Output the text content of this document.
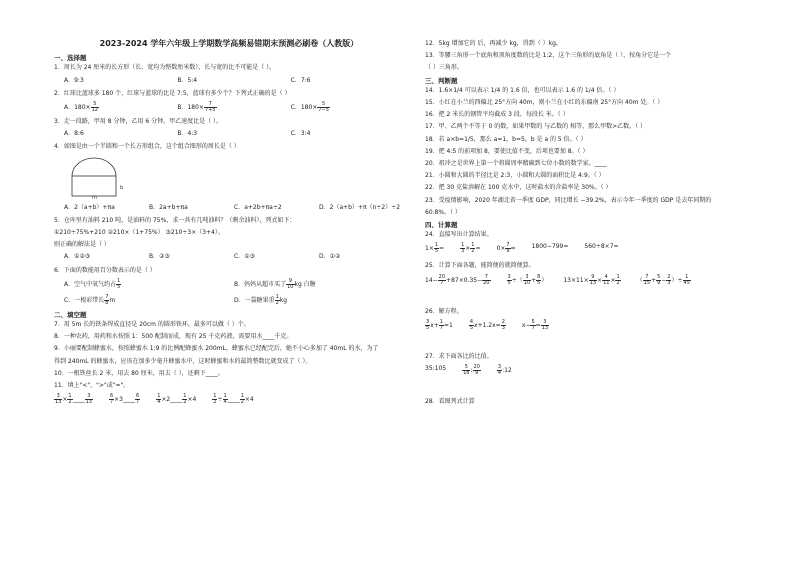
2023-2024 学年六年级上学期数学高频易错期末预测必刷卷（人教版）
一、选择题
1．周长为 24 厘米的长方形（长、宽均为整数厘米数），长与宽的比不可能是（ ）。
A．9:3	B．5:4	C．7:6
2．红球比蓝球多 180 个，红球与蓝球的比是 7:5，蓝球有多少个？下列式正确的是（ ）
A．$180\times \frac{5}{12}$	B．$180\times \frac{7}{7+5}$	C．$180\times \frac{5}{7-5}$
3．走一段路，甲用 8 分钟，乙用 6 分钟。甲乙速度比是（ ）。
A．8:6	B．4:3	C．3:4
4．如图是由一个半圆和一个长方形组合，这个组合图形的周长是（ ）
b
m
A．2（a+b）+πa	B．2a+b+πa	C．a+2b+πa÷2	D．2（a+b）+π（n÷2）÷2
5．仓库里有油料 210 吨，是油料的 75%，求一共有几吨油料？（剩余油料），列式如下：
①210÷75%+210 ②210×（1+75%） ③210÷3×（3+4）。
则正确的解法是（ ）
A．①②③	B．②③	C．①③	D．①②
6．下面的数能用百分数表示的是（ ）
A．空气中氧气约占 $\frac{1}{5}$	B．妈妈从超市买了 $\frac{9}{10}$ kg 白糖
C．一根彩带长 $\frac{7}{8}$ m	D．一袋糖果重 $\frac{1}{2}$ kg
二、填空题
7．用 5m 长的铁条焊成直径是 20cm 的圆形铁环，最多可以做（ ）个。
8．一种农药，用药和水按照 1：500 配制而成，现有 25 千克药液，需要用水____千克。
9．小丽要配制蜂蜜水，按照蜂蜜水 1:9 的比例配蜂蜜水 200mL，蜂蜜水已经配完后，她不小心多加了 40mL 的水，为了
得到 240mL 的蜂蜜水，应该在加多少毫升蜂蜜水中，这时蜂蜜和水的最简整数比就变成了（ ）。
10．一根铁丝长 2 米，用去 80 厘米，用去（ ），还剩下____。
11．填上"<"、">"或"="。
$\frac{3}{13} \times \frac{1}{2}$ ____ $\frac{3}{13}$	$\frac{6}{7}$ ×3____ $\frac{6}{7}$	$\frac{1}{4}$ ×2____ $\frac{1}{2} \times 4$	$\frac{1}{2} \div \frac{1}{4}$ ____ $\frac{1}{2} \times 4$
12．5kg 增加它的 后，再减少 kg，得到（ ）kg。
13．等腰三角形一个底角和顶角度数的比是 1:2，这个三角形的底角是（ ），按角分它是一个
（ ）三角形。
三、判断题
14．1.6×1/4 可以表示 1/4 的 1.6 倍，也可以表示 1.6 的 1/4 倍。（ ）
15．小红在小兰的西偏北 25°方向 40m，则小兰在小红的东偏南 25°方向 40m 处。（ ）
16．把 2 米长的钢管平均截成 3 段，每段长 米。（ ）
17．甲、乙两个不等于 0 的数，如果甲数的 与乙数的 相等，那么甲数>乙数。（ ）
18．若 a×b=1/5，那么 a=1，b=5，b 是 a 的 5 倍。（ ）
19．把 4:5 的前项加 8，要使比值不变，后项也要加 8。（ ）
20．祖冲之是世界上第一个将圆周率精确到七位小数的数学家。____
21．小圆和大圆的半径比是 2:3，小圆和大圆的面积比是 4:9。（ ）
22．把 30 克盐溶解在 100 克水中，这时盐水的含盐率是 30%。（ ）
23．受疫情影响，2020 年湖北省一季度 GDP，同比增长 −39.2%，表示今年一季度的 GDP 是去年同期的
60.8%。（ ）
四、计算题
24．直接写出计算结果。
$1\times \frac{1}{5}$ =	$\frac{1}{3} \times \frac{1}{2}$ =	$0\times \frac{7}{9}$ =	1800−799=	560÷8×7=
25．计算下面各题，能简便的就简便算。
$14- \frac{20}{7} +87\times 0.35- \frac{7}{20}$	$\frac{3}{5}$ ÷（ $\frac{3}{10} + \frac{8}{5}$ ）	$13\times 11\times \frac{9}{13} \times \frac{4}{11} \times \frac{1}{2}$	（ $\frac{7}{15} + \frac{5}{9} - \frac{2}{3}$ ）÷ $\frac{1}{45}$
26．解方程。
$\frac{3}{5} x+ \frac{1}{7} =1$	$\frac{4}{5} x+1.2x= \frac{2}{3}$	$x- \frac{5}{7} = \frac{3}{13}$
27．求下面各比的比值。
35:105	$\frac{5}{18}$ : $\frac{20}{9}$	$\frac{3}{4}$ :12
28．看图列式计算
